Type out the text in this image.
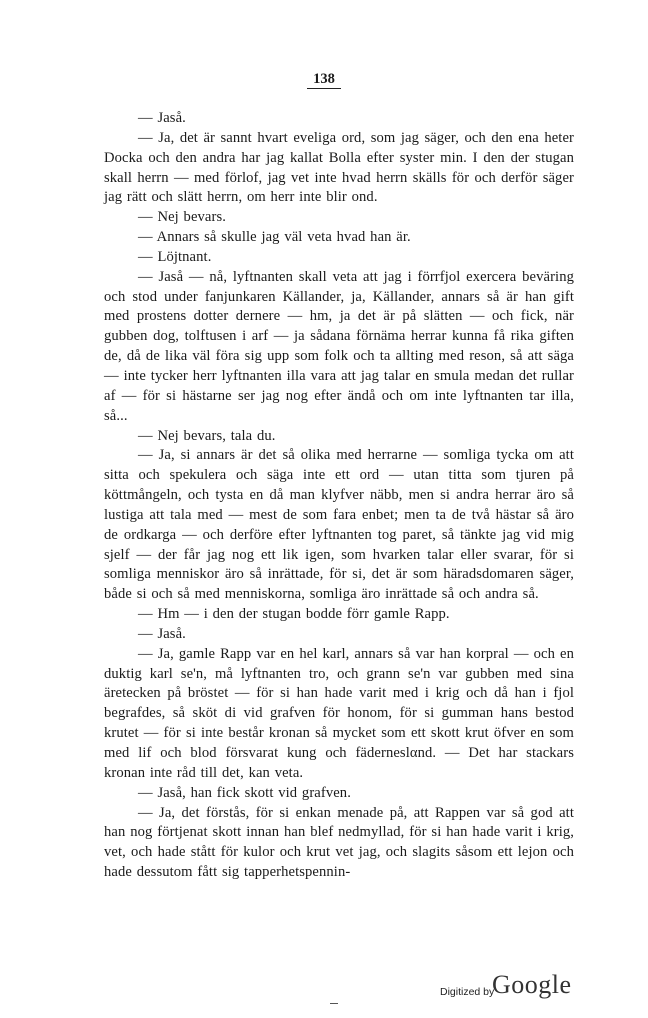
138

— Jaså.

— Ja, det är sannt hvart eveliga ord, som jag säger, och den ena heter Docka och den andra har jag kallat Bolla efter syster min. I den der stugan skall herrn — med förlof, jag vet inte hvad herrn skälls för och derför säger jag rätt och slätt herrn, om herr inte blir ond.

— Nej bevars.

— Annars så skulle jag väl veta hvad han är.

— Löjtnant.

— Jaså — nå, lyftnanten skall veta att jag i förrfjol exercera beväring och stod under fanjunkaren Källander, ja, Källander, annars så är han gift med prostens dotter dernere — hm, ja det är på slätten — och fick, när gubben dog, tolftusen i arf — ja sådana förnäma herrar kunna få rika giften de, då de lika väl föra sig upp som folk och ta allting med reson, så att säga — inte tycker herr lyftnanten illa vara att jag talar en smula medan det rullar af — för si hästarne ser jag nog efter ändå och om inte lyftnanten tar illa, så...

— Nej bevars, tala du.

— Ja, si annars är det så olika med herrarne — somliga tycka om att sitta och spekulera och säga inte ett ord — utan titta som tjuren på köttmångeln, och tysta en då man klyfver näbb, men si andra herrar äro så lustiga att tala med — mest de som fara enbet; men ta de två hästar så äro de ordkarga — och derföre efter lyftnanten tog paret, så tänkte jag vid mig sjelf — der får jag nog ett lik igen, som hvarken talar eller svarar, för si somliga menniskor äro så inrättade, för si, det är som häradsdomaren säger, både si och så med menniskorna, somliga äro inrättade så och andra så.

— Hm — i den der stugan bodde förr gamle Rapp.

— Jaså.

— Ja, gamle Rapp var en hel karl, annars så var han korpral — och en duktig karl se'n, må lyftnanten tro, och grann se'n var gubben med sina äretecken på bröstet — för si han hade varit med i krig och då han i fjol begrafdes, så sköt di vid grafven för honom, för si gumman hans bestod krutet — för si inte består kronan så mycket som ett skott krut öfver en som med lif och blod försvarat kung och fäderneslαnd. — Det har stackars kronan inte råd till det, kan veta.

— Jaså, han fick skott vid grafven.

— Ja, det förstås, för si enkan menade på, att Rappen var så god att han nog förtjenat skott innan han blef nedmyllad, för si han hade varit i krig, vet, och hade stått för kulor och krut vet jag, och slagits såsom ett lejon och hade dessutom fått sig tapperhetspennin-

Digitized by
Google
